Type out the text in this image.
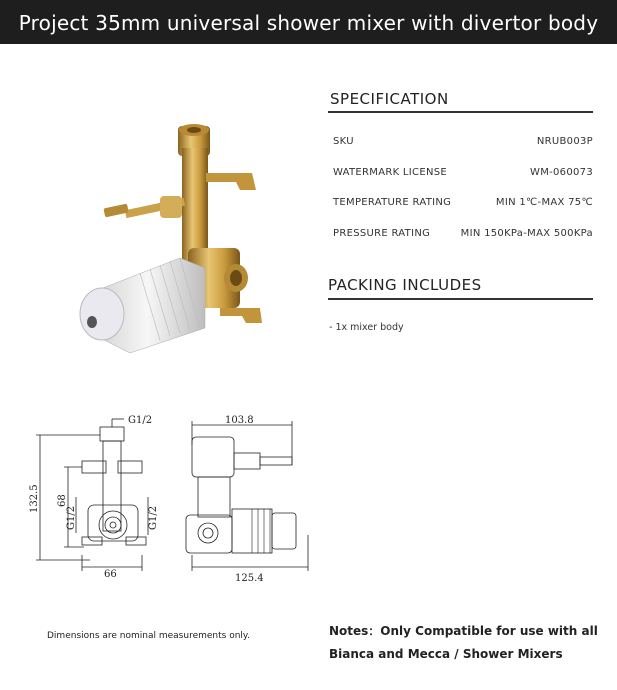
Project 35mm universal shower mixer with divertor body
SPECIFICATION
SKU	NRUB003P
WATERMARK LICENSE	WM-060073
TEMPERATURE RATING	MIN 1℃-MAX 75℃
PRESSURE RATING	MIN 150KPa-MAX 500KPa
PACKING INCLUDES
- 1x mixer body
G1/2
132.5 68
G1/2	G1/2
66
103.8
125.4
Dimensions are nominal measurements only.	Notes：Only Compatible for use with all
Bianca and Mecca / Shower Mixers
